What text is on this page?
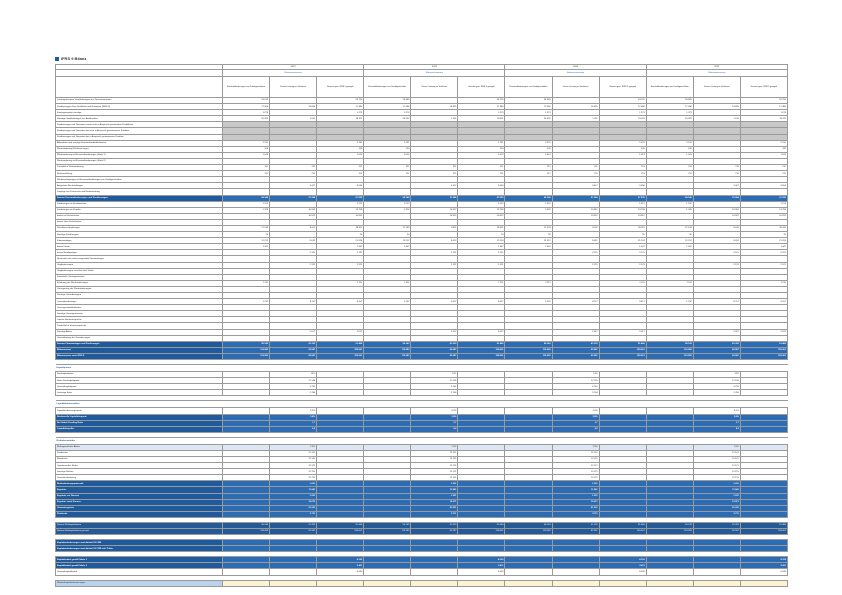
IFRS 9 Bilanz
	2022			2023			2024			2025		
	Referenzszenario			Referenzszenario			Referenzszenario			Referenzszenario		
	Eventualforderungen aus Kreditgeschäften	Davon Leistung im Verfahren	Gesamt gem. IFRS 9 geregelt	Eventualforderungen aus Kreditgeschäften	Davon Leistung im Verfahren	Gesamt gem. IFRS 9 geregelt	Eventualforderungen aus Kreditgeschäften	Davon Leistung im Verfahren	Gesamt gem. IFRS 9 geregelt	Eventualforderungen aus Kreditgeschäften	Davon Leistung im Verfahren	Gesamt gem. IFRS 9 geregelt
Leistungsbasierte Verpflichtungen aus Zinsinstrumenten	24.213		24.720	24.365		24.720	24.365		24.720	24.365		24.720
Kreditzusagen ohne Kreditlinie und Garantien (IFRS 9)	17.356	14.825	17.380	17.356	14.825	17.380	17.356	14.825	17.380	17.356	14.825	17.380
Finanzgarantien sonstige	1.273		1.273	1.273		1.273	1.273		1.273	1.273		1.273
Sonstige Verpflichtungen aus Avalkrediten	20.322	1.011	19.311	20.322	1.011	19.311	20.322	1.011	19.311	20.322	1.011	19.311
Kreditzusagen und Garantien sowie nicht in Anspruch genommene Kreditlinien												
Kreditzusagen und Garantien bei nicht in Anspruch genommenen Krediten												
Kreditzusagen und Garantien bei in Anspruch genommenen Krediten												
Akkreditive und sonstige Eventualverbindlichkeiten	2.131		2.131	2.131		2.131	2.131		2.131	2.131		2.131
Wertminderung (Risikovorsorge)	120		120	120		120	120		120	120		120
Wertminderung auf Eventualforderungen (Stufe 1)	1.013		1.013	1.013		1.013	1.013		1.013	1.013		1.013
Wertminderung auf Eventualforderungen (Stufe 2)												
Zusätzliche Wertminderung	211	211	211	211	211	211	211	211	211	211	211	211
Risikoerhöhung	211	211	211	211	211	211	211	211	211	211	211	211
Wertberichtigungen auf Eventualforderungen aus Kreditgeschäften												
Aufgelöste Rückstellungen		3.417	3.056		3.417	3.056		3.417	3.056		3.417	3.056
Zugänge aus Erstansatz und Neubewertung												
Summe Eventualforderungen und Kreditzusagen	69.140	21.264	67.535	69.140	21.264	67.535	69.140	21.264	67.535	69.140	21.264	67.535
Forderungen an Kreditinstitute	1.212		1.212	1.212		1.212	1.212		1.212	1.212		1.212
Forderungen an Kunden	1.376	10.912	13.759	1.376	10.912	13.759	1.376	10.912	13.759	1.376	10.912	13.759
davon mit Sicherheiten		10.912	10.912		10.912	10.912		10.912	10.912		10.912	10.912
davon ohne Sicherheiten												
Schuldverschreibungen	17.133	9.011	28.311	17.133	9.011	28.311	17.133	9.011	28.311	17.133	9.011	28.311
Sonstige Forderungen	20		20	20		20	20		20	20		20
Finanzanlagen	12.212	9.012	21.224	12.212	9.012	21.224	12.212	9.012	21.224	12.212	9.012	21.224
davon Fonds	1.347		1.347	1.347		1.347	1.347		1.347	1.347		1.347
davon Beteiligungen		2.121	2.121		2.121	2.121		2.121	2.121		2.121	2.121
Nicht mehr als notiert eingestufte Finanzanlagen												
Umgliederungen		2.121	2.121		2.121	2.121		2.121	2.121		2.121	2.121
Umgliederungen zwischen den Stufen												
Finanzielle Vermögenswerte												
Erhöhung der Wertminderungen	7.211		7.211	7.211		7.211	7.211		7.211	7.211		7.211
Verringerung der Wertminderungen												
Sonstige Veränderungen												
Leasingforderungen	1.742	8.117	9.317	1.742	8.117	9.317	1.742	8.117	9.317	1.742	8.117	9.317
Leasingverbindlichkeiten												
Sonstige Vermögenswerte												
Latente Steueransprüche												
Tatsächliche Steueransprüche												
Sonstige Aktiva		2.017	2.017		2.017	2.017		2.017	2.017		2.017	2.017
Gesamtbetrag der Veränderungen												
Summe Finanzanlagen und Forderungen	50.143	41.323	91.466	50.143	41.323	91.466	50.143	41.323	91.466	50.143	41.323	91.466
Bilanzsumme	119.283	62.587	159.001	119.283	62.587	159.001	119.283	62.587	159.001	119.283	62.587	159.001
Bilanzsumme nach IFRS 9	119.283	62.587	159.001	119.283	62.587	159.001	119.283	62.587	159.001	119.283	62.587	159.001

Kapitalquoten												
Kernkapitalquote		14%			14%			14%			14%	
Harte Kernkapitalquote		17.126			17.126			17.126			17.126	
Gesamtkapitalquote		3.741			3.741			3.741			3.741	
Leverage Ratio		2.764			2.764			2.764			2.764	

Liquiditätskennzahlen												
Liquiditätsdeckungsquote		4,2%			4,2%			4,2%			4,2%	
Strukturelle Liquiditätsquote		3,8%			3,8%			3,8%			3,8%	
Net Stable Funding Ratio		1,7			1,7			1,7			1,7	
Liquiditätspuffer		9,2			9,2			9,2			9,2	

Risikokennzahlen												
Risikogewichtete Aktiva		7,9%			7,9%			7,9%			7,9%	
Kreditrisiko		12.121			12.121			12.121			12.121	
Marktrisiko		12.121			12.121			12.121			12.121	
Operationelles Risiko		12.121			12.121			12.121			12.121	
Sonstige Risiken		12.121			12.121			12.121			12.121	
Gesamtrisikobetrag		12.121			12.121			12.121			12.121	
Risikodeckungspotenzial		1.231			1.231			1.231			1.231	
Ergebnis		11.541			11.541			11.541			11.541	
Ergebnis vor Steuern		1.231			1.231			1.231			1.231	
Ergebnis nach Steuern		12.071			12.071			12.071			12.071	
Gesamtergebnis		21.231			21.231			21.231			21.231	
Dividende		3.711			3.711			3.711			3.711	

Summe Risikopositionen	50.143	41.323	91.466	50.143	41.323	91.466	50.143	41.323	91.466	50.143	41.323	91.466
Summe Risikopositionen gesamt	119.283	62.587	159.001	119.283	62.587	159.001	119.283	62.587	159.001	119.283	62.587	159.001

Kapitalanforderungen nach Artikel 92 CRR												
Kapitalanforderungen nach Artikel 92 CRR inkl. Puffer												

Kapitalbedarf gemäß Säule 1			4.122			4.122			4.122			4.122
Kapitalbedarf gemäß Säule 2			2.411			2.411			2.411			2.411
Gesamtkapitalbedarf			6.533			6.533			6.533			6.533

Mindestkapitalanforderungen												
